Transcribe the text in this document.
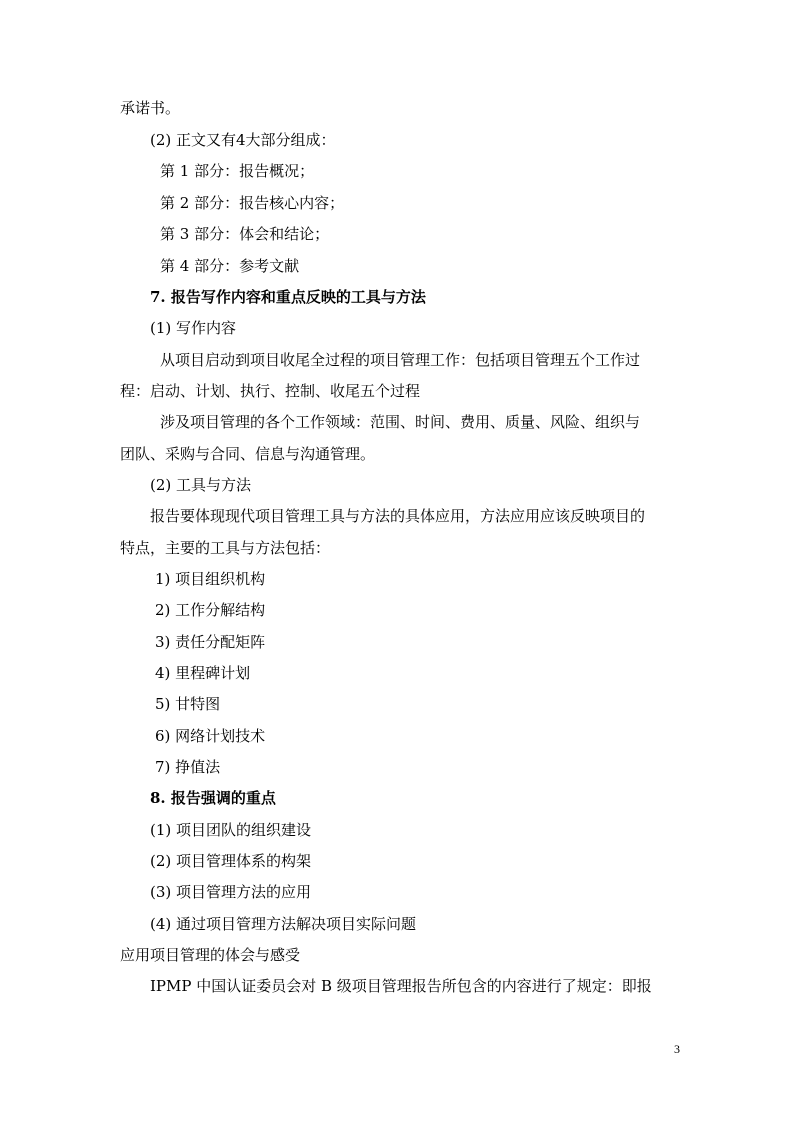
承诺书。
(2) 正文又有4大部分组成：
第 1 部分：报告概况；
第 2 部分：报告核心内容；
第 3 部分：体会和结论；
第 4 部分：参考文献
7. 报告写作内容和重点反映的工具与方法
(1) 写作内容
从项目启动到项目收尾全过程的项目管理工作：包括项目管理五个工作过
程：启动、计划、执行、控制、收尾五个过程
涉及项目管理的各个工作领域：范围、时间、费用、质量、风险、组织与
团队、采购与合同、信息与沟通管理。
(2) 工具与方法
报告要体现现代项目管理工具与方法的具体应用，方法应用应该反映项目的
特点，主要的工具与方法包括：
1) 项目组织机构
2) 工作分解结构
3) 责任分配矩阵
4) 里程碑计划
5) 甘特图
6) 网络计划技术
7) 挣值法
8. 报告强调的重点
(1) 项目团队的组织建设
(2) 项目管理体系的构架
(3) 项目管理方法的应用
(4) 通过项目管理方法解决项目实际问题
应用项目管理的体会与感受
IPMP 中国认证委员会对 B 级项目管理报告所包含的内容进行了规定：即报
3
